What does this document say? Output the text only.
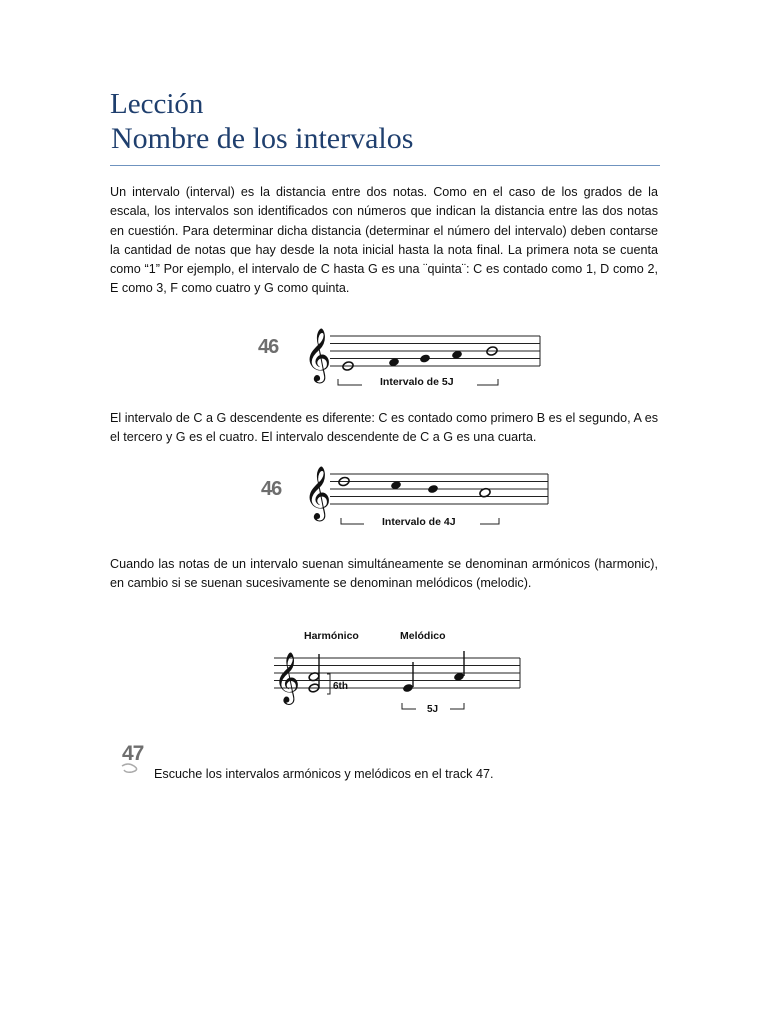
Lección
Nombre de los intervalos

Un intervalo (interval) es la distancia entre dos notas. Como en el caso de los grados de la escala, los intervalos son identificados con números que indican la distancia entre las dos notas en cuestión. Para determinar dicha distancia (determinar el número del intervalo) deben contarse la cantidad de notas que hay desde la nota inicial hasta la nota final. La primera nota se cuenta como “1” Por ejemplo, el intervalo de C hasta G es una ¨quinta¨: C es contado como 1, D como 2, E como 3, F como cuatro y G como quinta.

46 𝄞
Intervalo de 5J

El intervalo de C a G descendente es diferente: C es contado como primero B es el segundo, A es el tercero y G es el cuatro. El intervalo descendente de C a G es una cuarta.

46 𝄞
Intervalo de 4J

Cuando las notas de un intervalo suenan simultáneamente se denominan armónicos (harmonic), en cambio si se suenan sucesivamente se denominan melódicos (melodic).

Harmónico	Melódico
𝄞	6th
5J
47

Escuche los intervalos armónicos y melódicos en el track 47.
